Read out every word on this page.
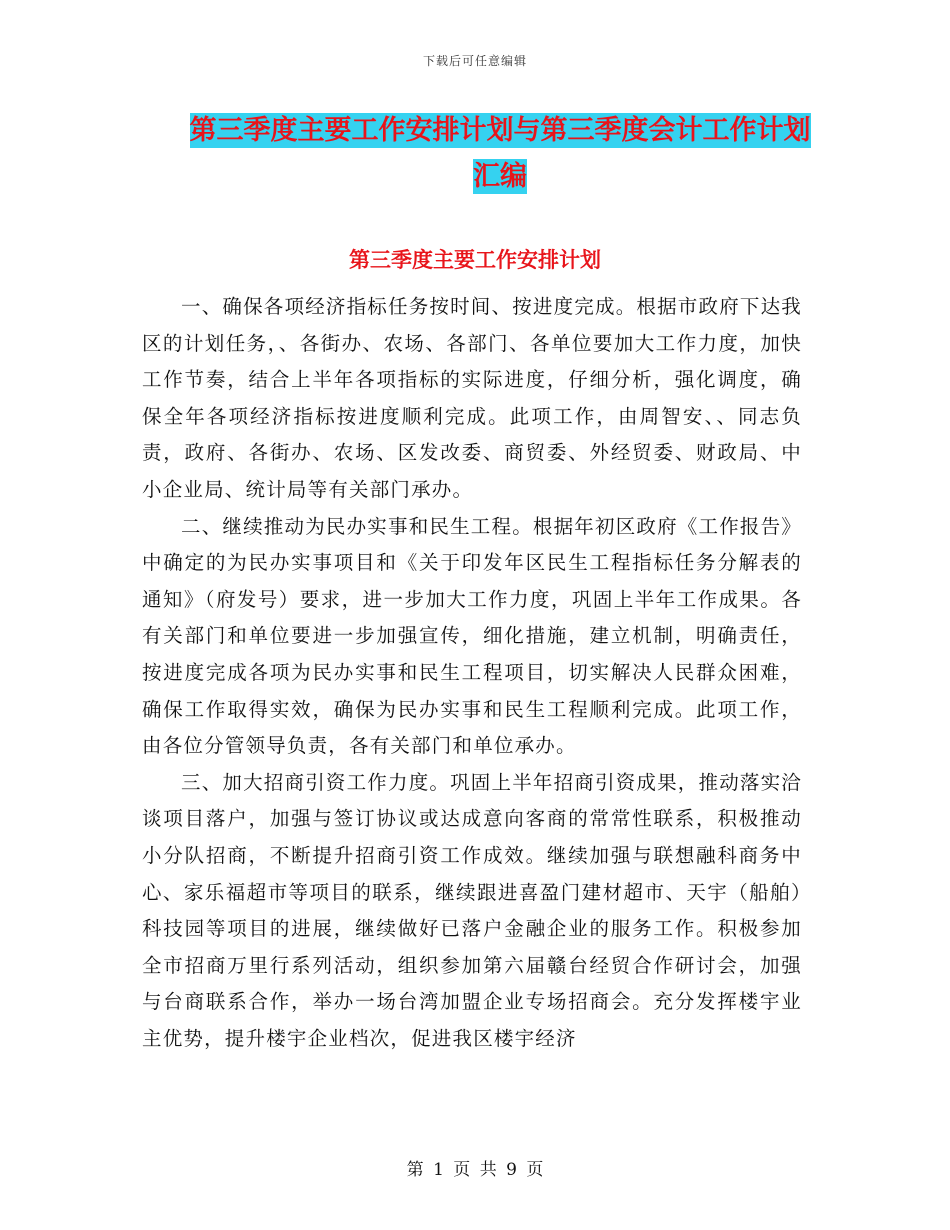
下载后可任意编辑
第三季度主要工作安排计划与第三季度会计工作计划
汇编
第三季度主要工作安排计划

一、确保各项经济指标任务按时间、按进度完成。根据市政府下达我区的计划任务，、各街办、农场、各部门、各单位要加大工作力度，加快工作节奏，结合上半年各项指标的实际进度，仔细分析，强化调度，确保全年各项经济指标按进度顺利完成。此项工作，由周智安、、同志负责，政府、各街办、农场、区发改委、商贸委、外经贸委、财政局、中小企业局、统计局等有关部门承办。

二、继续推动为民办实事和民生工程。根据年初区政府《工作报告》中确定的为民办实事项目和《关于印发年区民生工程指标任务分解表的通知》（府发号）要求，进一步加大工作力度，巩固上半年工作成果。各有关部门和单位要进一步加强宣传，细化措施，建立机制，明确责任，按进度完成各项为民办实事和民生工程项目，切实解决人民群众困难，确保工作取得实效，确保为民办实事和民生工程顺利完成。此项工作，由各位分管领导负责，各有关部门和单位承办。

三、加大招商引资工作力度。巩固上半年招商引资成果，推动落实洽谈项目落户，加强与签订协议或达成意向客商的常常性联系，积极推动小分队招商，不断提升招商引资工作成效。继续加强与联想融科商务中心、家乐福超市等项目的联系，继续跟进喜盈门建材超市、天宇（船舶）科技园等项目的进展，继续做好已落户金融企业的服务工作。积极参加全市招商万里行系列活动，组织参加第六届赣台经贸合作研讨会，加强与台商联系合作，举办一场台湾加盟企业专场招商会。充分发挥楼宇业主优势，提升楼宇企业档次，促进我区楼宇经济

第 1 页 共 9 页
